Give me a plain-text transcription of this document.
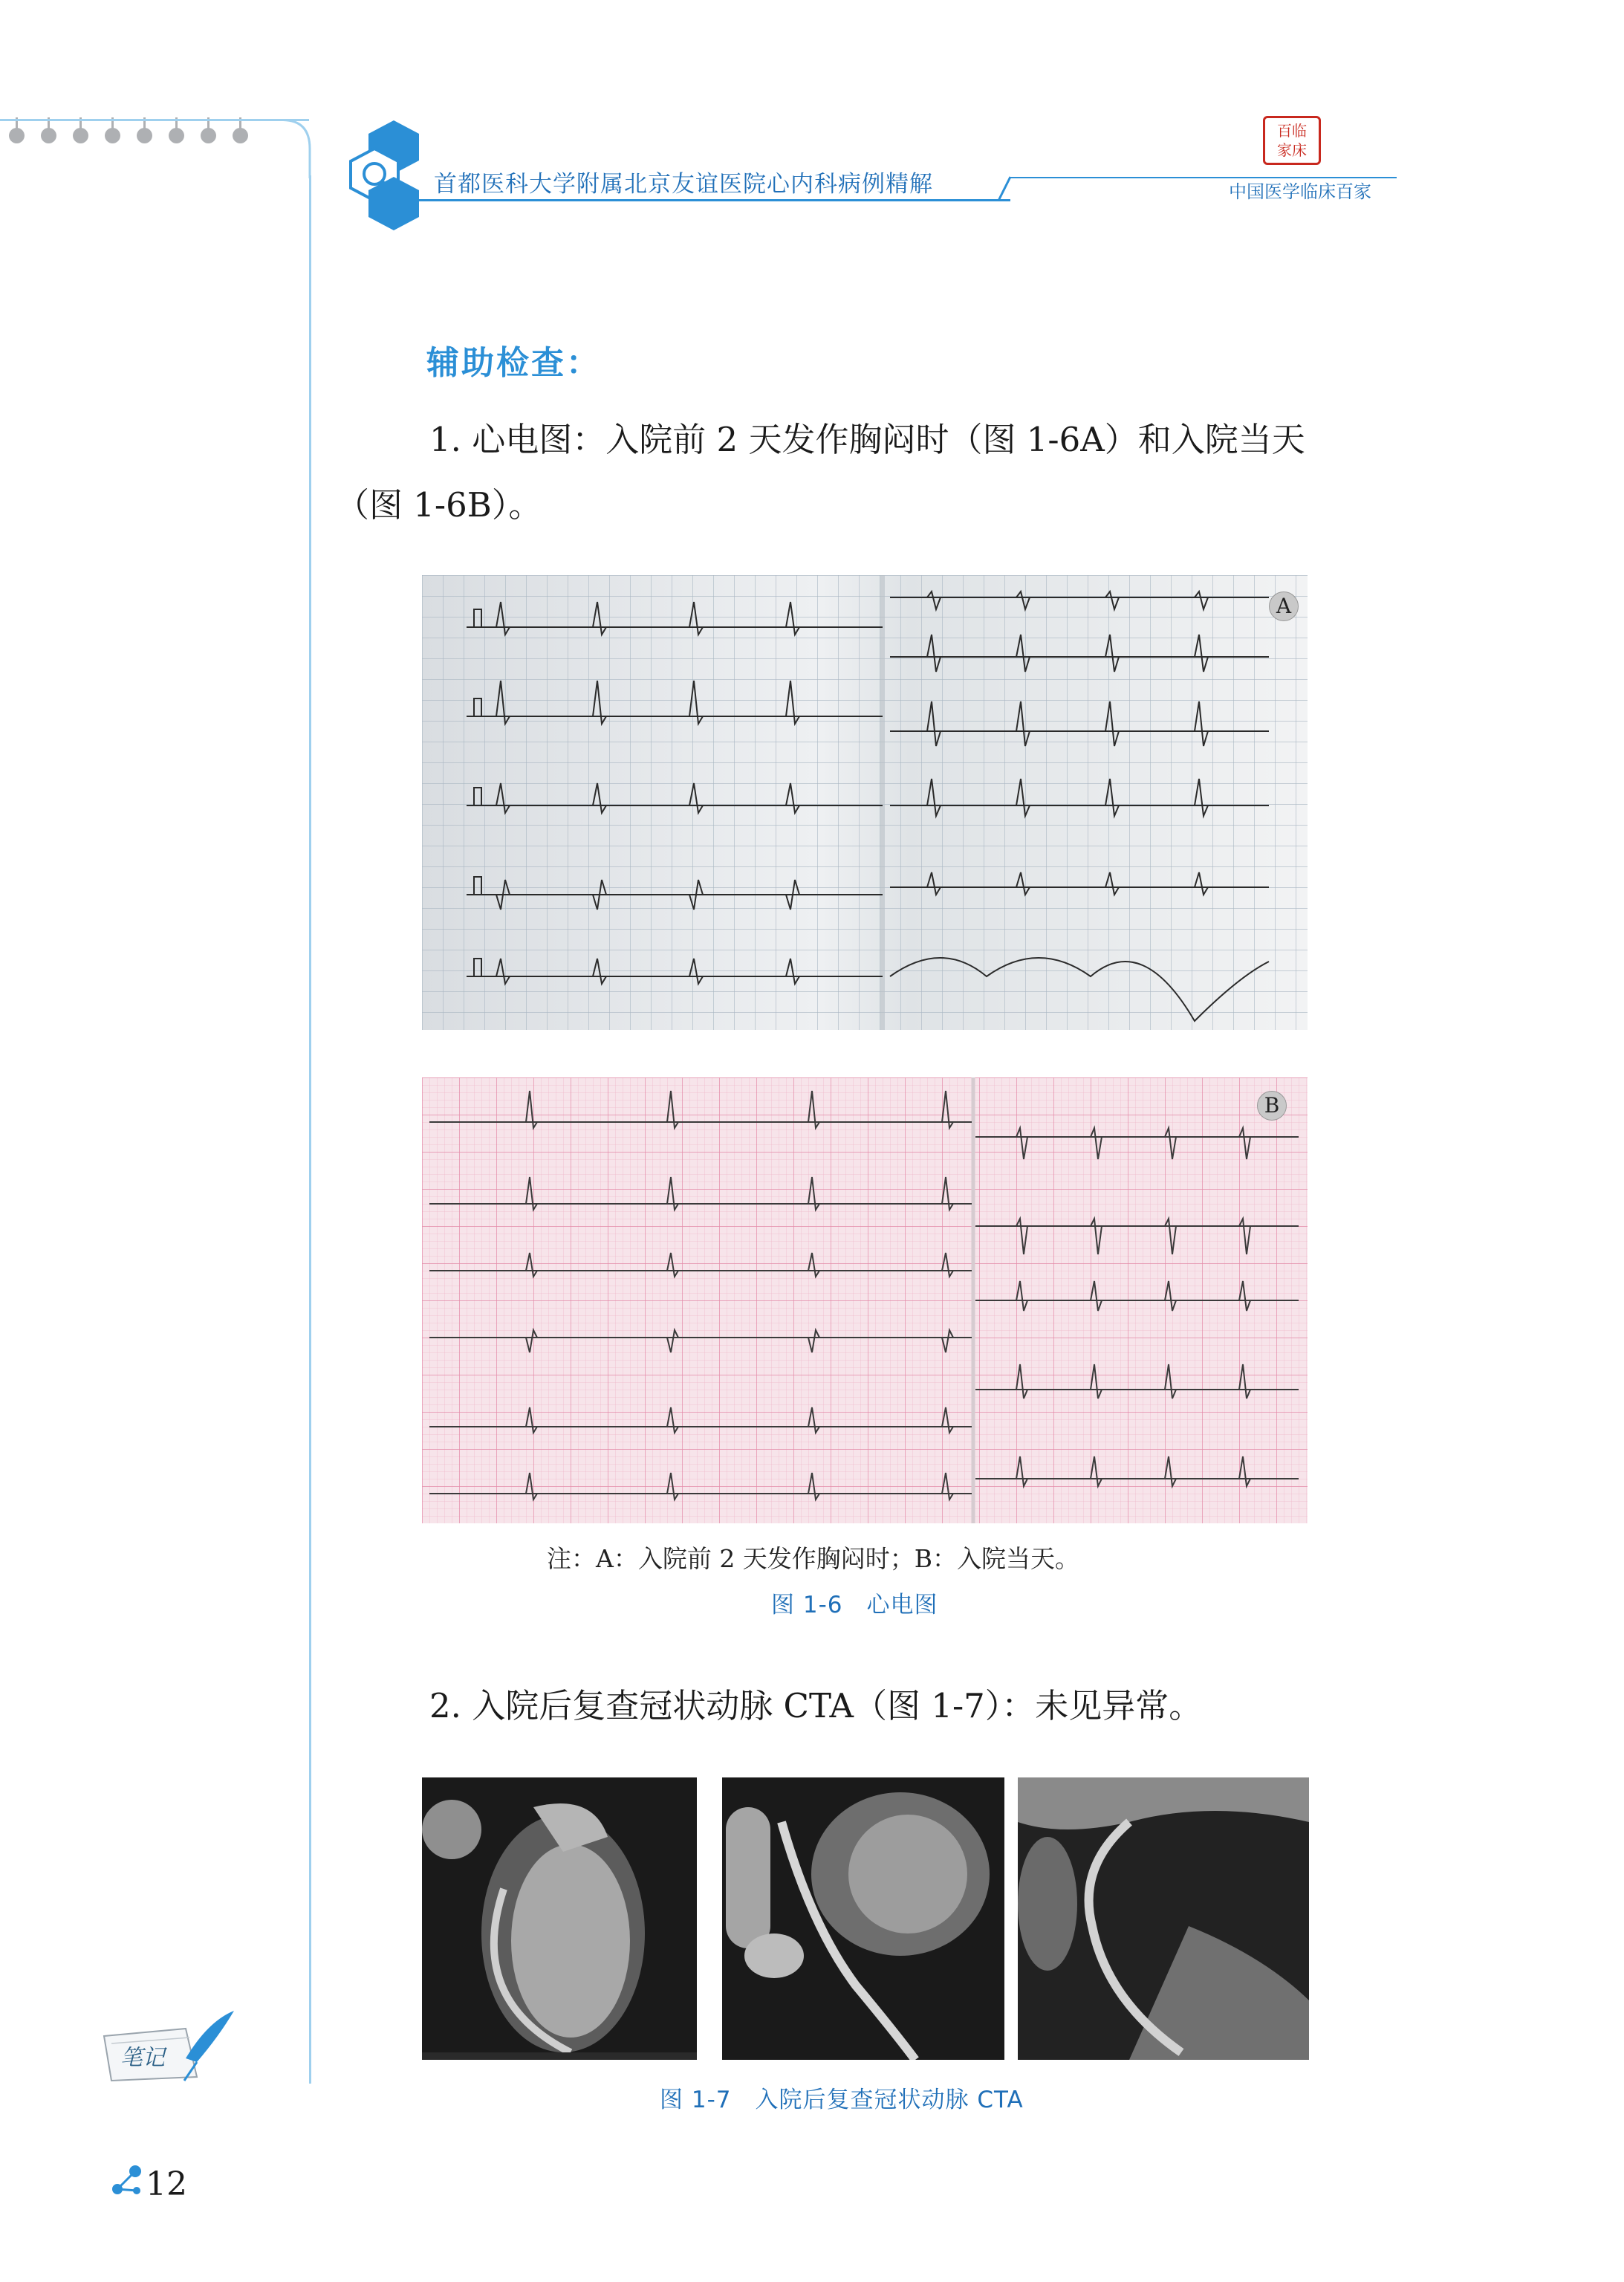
首都医科大学附属北京友谊医院心内科病例精解
百临
家床
中国医学临床百家
辅助检查：
1. 心电图：入院前 2 天发作胸闷时（图 1-6A）和入院当天
（图 1-6B）。
A
B
注：A：入院前 2 天发作胸闷时；B：入院当天。
图 1-6　心电图
2. 入院后复查冠状动脉 CTA（图 1-7）：未见异常。
图 1-7　入院后复查冠状动脉 CTA
笔记
12
